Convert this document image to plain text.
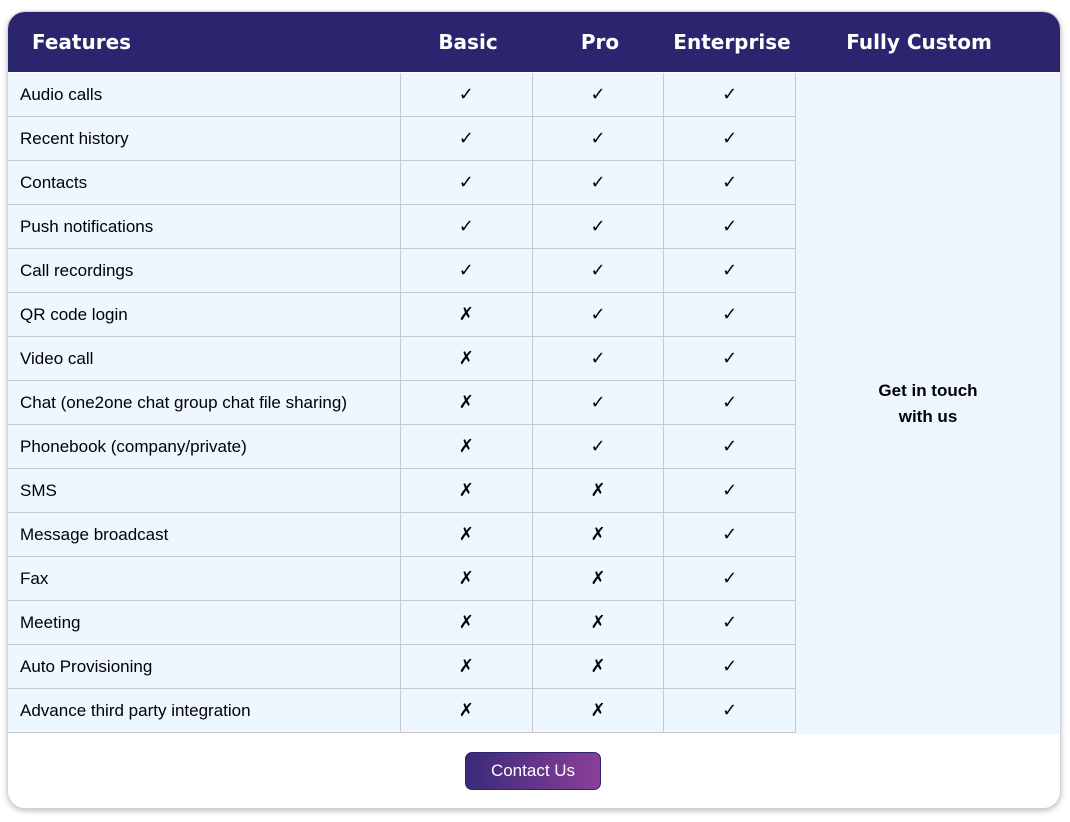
Features	Basic	Pro	Enterprise	Fully Custom
Audio calls	✓	✓	✓
Recent history	✓	✓	✓
Contacts	✓	✓	✓
Push notifications	✓	✓	✓
Call recordings	✓	✓	✓
QR code login	✗	✓	✓
Video call	✗	✓	✓
Chat (one2one chat group chat file sharing)	✗	✓	✓
Phonebook (company/private)	✗	✓	✓
SMS	✗	✗	✓
Message broadcast	✗	✗	✓
Fax	✗	✗	✓
Meeting	✗	✗	✓
Auto Provisioning	✗	✗	✓
Advance third party integration	✗	✗	✓
Get in touch
with us
Contact Us
